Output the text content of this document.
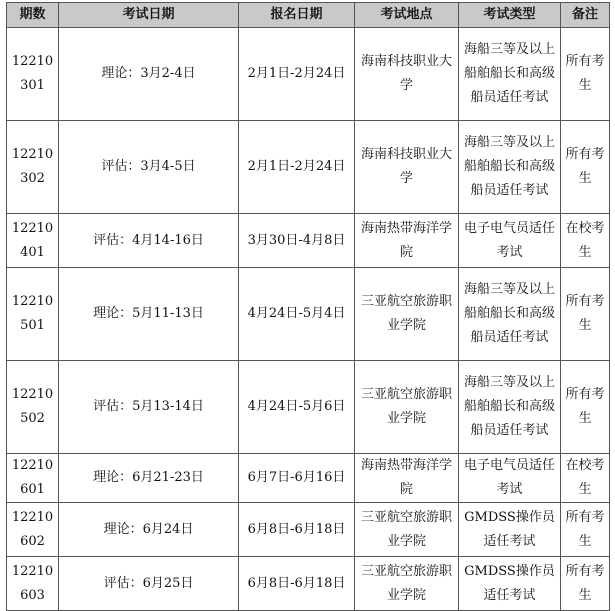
期数	考试日期	报名日期	考试地点	考试类型	备注
12210301	理论：3月2-4日	2月1日-2月24日	海南科技职业大学	海船三等及以上船舶船长和高级船员适任考试	所有考生
12210302	评估：3月4-5日	2月1日-2月24日	海南科技职业大学	海船三等及以上船舶船长和高级船员适任考试	所有考生
12210401	评估：4月14-16日	3月30日-4月8日	海南热带海洋学院	电子电气员适任考试	在校考生
12210501	理论：5月11-13日	4月24日-5月4日	三亚航空旅游职业学院	海船三等及以上船舶船长和高级船员适任考试	所有考生
12210502	评估：5月13-14日	4月24日-5月6日	三亚航空旅游职业学院	海船三等及以上船舶船长和高级船员适任考试	所有考生
12210601	理论：6月21-23日	6月7日-6月16日	海南热带海洋学院	电子电气员适任考试	在校考生
12210602	理论：6月24日	6月8日-6月18日	三亚航空旅游职业学院	GMDSS操作员适任考试	所有考生
12210603	评估：6月25日	6月8日-6月18日	三亚航空旅游职业学院	GMDSS操作员适任考试	所有考生
